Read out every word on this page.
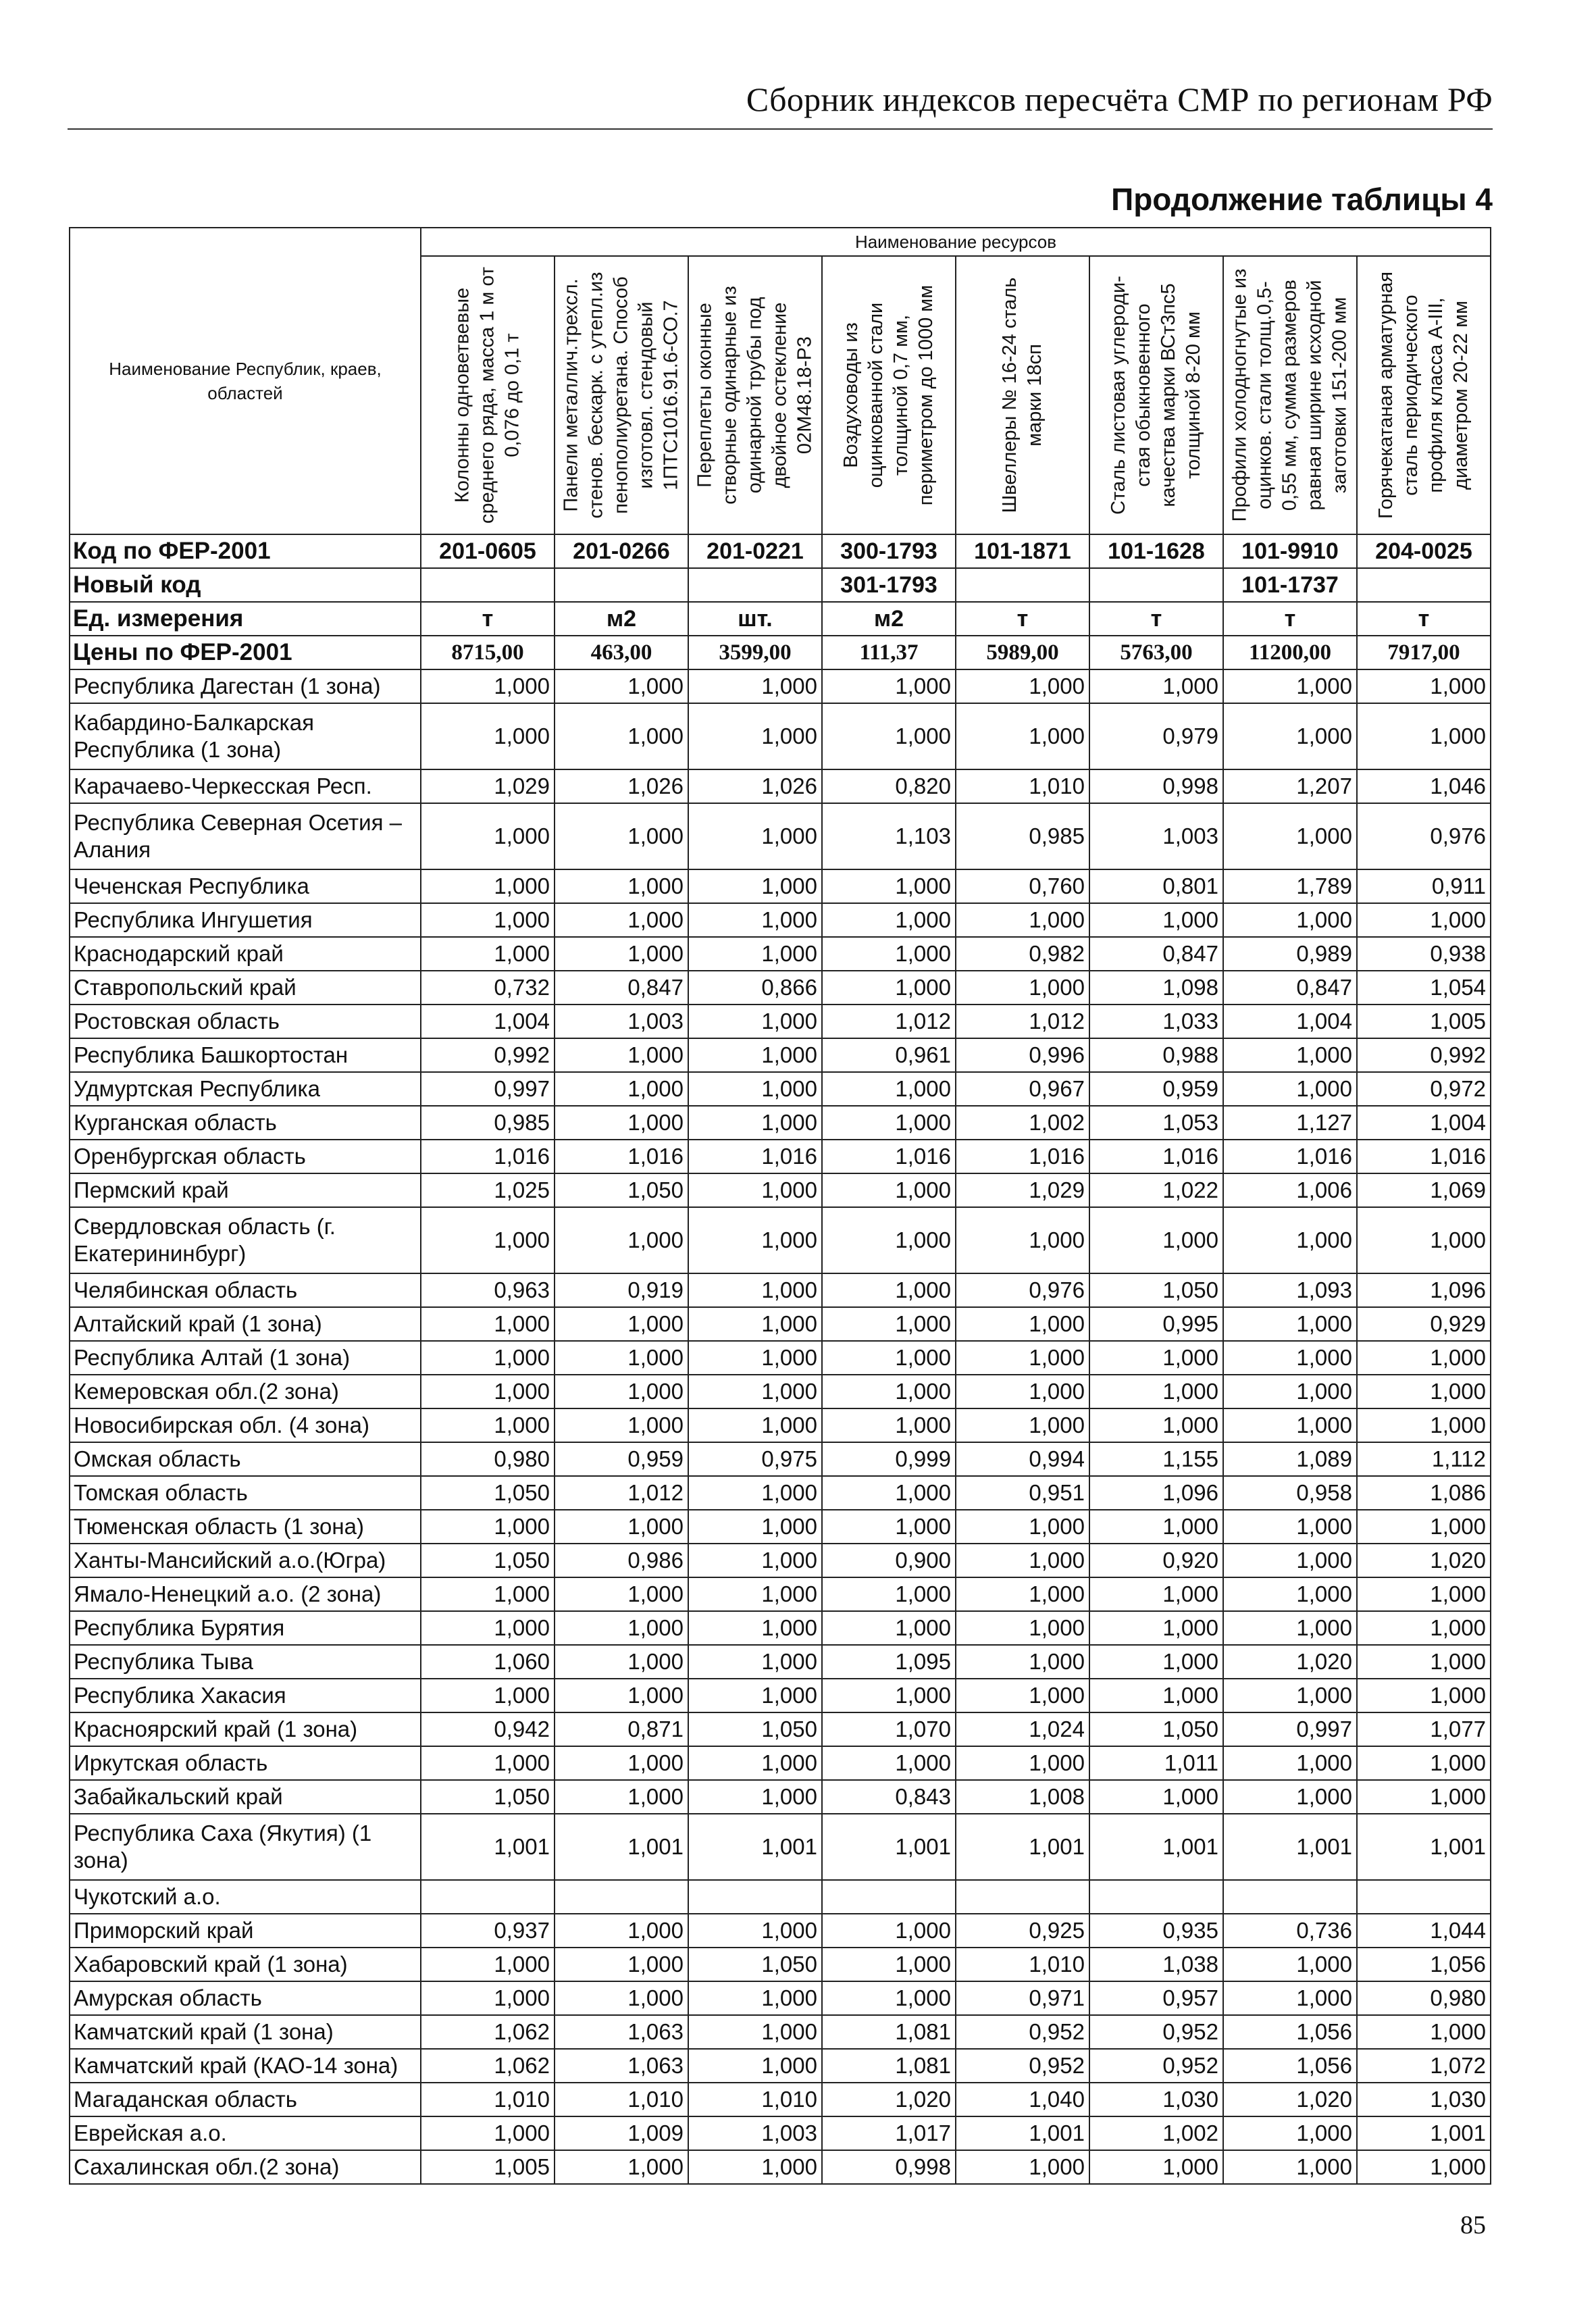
Сборник индексов пересчёта СМР по регионам РФ
Продолжение таблицы 4
Наименование Республик, краев, областей	Наименование ресурсов							

	Колонны одноветвевые среднего ряда, масса 1 м от 0,076 до 0,1 т	Панели металлич.трехсл. стенов. бескарк. с утепл.из пенополиуретана. Способ изготовл. стендовый 1ПТС1016.91.6-СО.7	Переплеты оконные створные одинарные из одинарной трубы под двойное остекление 02М48.18-Р3	Воздуховоды из оцинкованной стали толщиной 0,7 мм, периметром до 1000 мм	Швеллеры № 16-24 сталь марки 18сп	Сталь листовая углероди-стая обыкновенного качества марки ВСт3пс5 толщиной 8-20 мм	Профили холодногнутые из оцинков. стали толщ.0,5-0,55 мм, сумма размеров равная ширине исходной заготовки 151-200 мм	Горячекатаная арматурная сталь периодического профиля класса A-III, диаметром 20-22 мм

Код по ФЕР-2001	201-0605	201-0266	201-0221	300-1793	101-1871	101-1628	101-9910	204-0025
Новый код				301-1793			101-1737	
Ед. измерения	т	м2	шт.	м2	т	т	т	т
Цены по ФЕР-2001	8715,00	463,00	3599,00	111,37	5989,00	5763,00	11200,00	7917,00
Республика Дагестан (1 зона)	1,000	1,000	1,000	1,000	1,000	1,000	1,000	1,000
Кабардино-Балкарская Республика (1 зона)	1,000	1,000	1,000	1,000	1,000	0,979	1,000	1,000
Карачаево-Черкесская Респ.	1,029	1,026	1,026	0,820	1,010	0,998	1,207	1,046
Республика Северная Осетия – Алания	1,000	1,000	1,000	1,103	0,985	1,003	1,000	0,976
Чеченская Республика	1,000	1,000	1,000	1,000	0,760	0,801	1,789	0,911
Республика Ингушетия	1,000	1,000	1,000	1,000	1,000	1,000	1,000	1,000
Краснодарский край	1,000	1,000	1,000	1,000	0,982	0,847	0,989	0,938
Ставропольский край	0,732	0,847	0,866	1,000	1,000	1,098	0,847	1,054
Ростовская область	1,004	1,003	1,000	1,012	1,012	1,033	1,004	1,005
Республика Башкортостан	0,992	1,000	1,000	0,961	0,996	0,988	1,000	0,992
Удмуртская Республика	0,997	1,000	1,000	1,000	0,967	0,959	1,000	0,972
Курганская область	0,985	1,000	1,000	1,000	1,002	1,053	1,127	1,004
Оренбургская область	1,016	1,016	1,016	1,016	1,016	1,016	1,016	1,016
Пермский край	1,025	1,050	1,000	1,000	1,029	1,022	1,006	1,069
Свердловская область (г. Екатерининбург)	1,000	1,000	1,000	1,000	1,000	1,000	1,000	1,000
Челябинская область	0,963	0,919	1,000	1,000	0,976	1,050	1,093	1,096
Алтайский край (1 зона)	1,000	1,000	1,000	1,000	1,000	0,995	1,000	0,929
Республика Алтай (1 зона)	1,000	1,000	1,000	1,000	1,000	1,000	1,000	1,000
Кемеровская обл.(2 зона)	1,000	1,000	1,000	1,000	1,000	1,000	1,000	1,000
Новосибирская обл. (4 зона)	1,000	1,000	1,000	1,000	1,000	1,000	1,000	1,000
Омская область	0,980	0,959	0,975	0,999	0,994	1,155	1,089	1,112
Томская область	1,050	1,012	1,000	1,000	0,951	1,096	0,958	1,086
Тюменская область (1 зона)	1,000	1,000	1,000	1,000	1,000	1,000	1,000	1,000
Ханты-Мансийский а.о.(Югра)	1,050	0,986	1,000	0,900	1,000	0,920	1,000	1,020
Ямало-Ненецкий а.о. (2 зона)	1,000	1,000	1,000	1,000	1,000	1,000	1,000	1,000
Республика Бурятия	1,000	1,000	1,000	1,000	1,000	1,000	1,000	1,000
Республика Тыва	1,060	1,000	1,000	1,095	1,000	1,000	1,020	1,000
Республика Хакасия	1,000	1,000	1,000	1,000	1,000	1,000	1,000	1,000
Красноярский край (1 зона)	0,942	0,871	1,050	1,070	1,024	1,050	0,997	1,077
Иркутская область	1,000	1,000	1,000	1,000	1,000	1,011	1,000	1,000
Забайкальский край	1,050	1,000	1,000	0,843	1,008	1,000	1,000	1,000
Республика Саха (Якутия) (1 зона)	1,001	1,001	1,001	1,001	1,001	1,001	1,001	1,001
Чукотский а.о.								
Приморский край	0,937	1,000	1,000	1,000	0,925	0,935	0,736	1,044
Хабаровский край (1 зона)	1,000	1,000	1,050	1,000	1,010	1,038	1,000	1,056
Амурская область	1,000	1,000	1,000	1,000	0,971	0,957	1,000	0,980
Камчатский край (1 зона)	1,062	1,063	1,000	1,081	0,952	0,952	1,056	1,000
Камчатский край (КАО-14 зона)	1,062	1,063	1,000	1,081	0,952	0,952	1,056	1,072
Магаданская область	1,010	1,010	1,010	1,020	1,040	1,030	1,020	1,030
Еврейская а.о.	1,000	1,009	1,003	1,017	1,001	1,002	1,000	1,001
Сахалинская обл.(2 зона)	1,005	1,000	1,000	0,998	1,000	1,000	1,000	1,000
85
